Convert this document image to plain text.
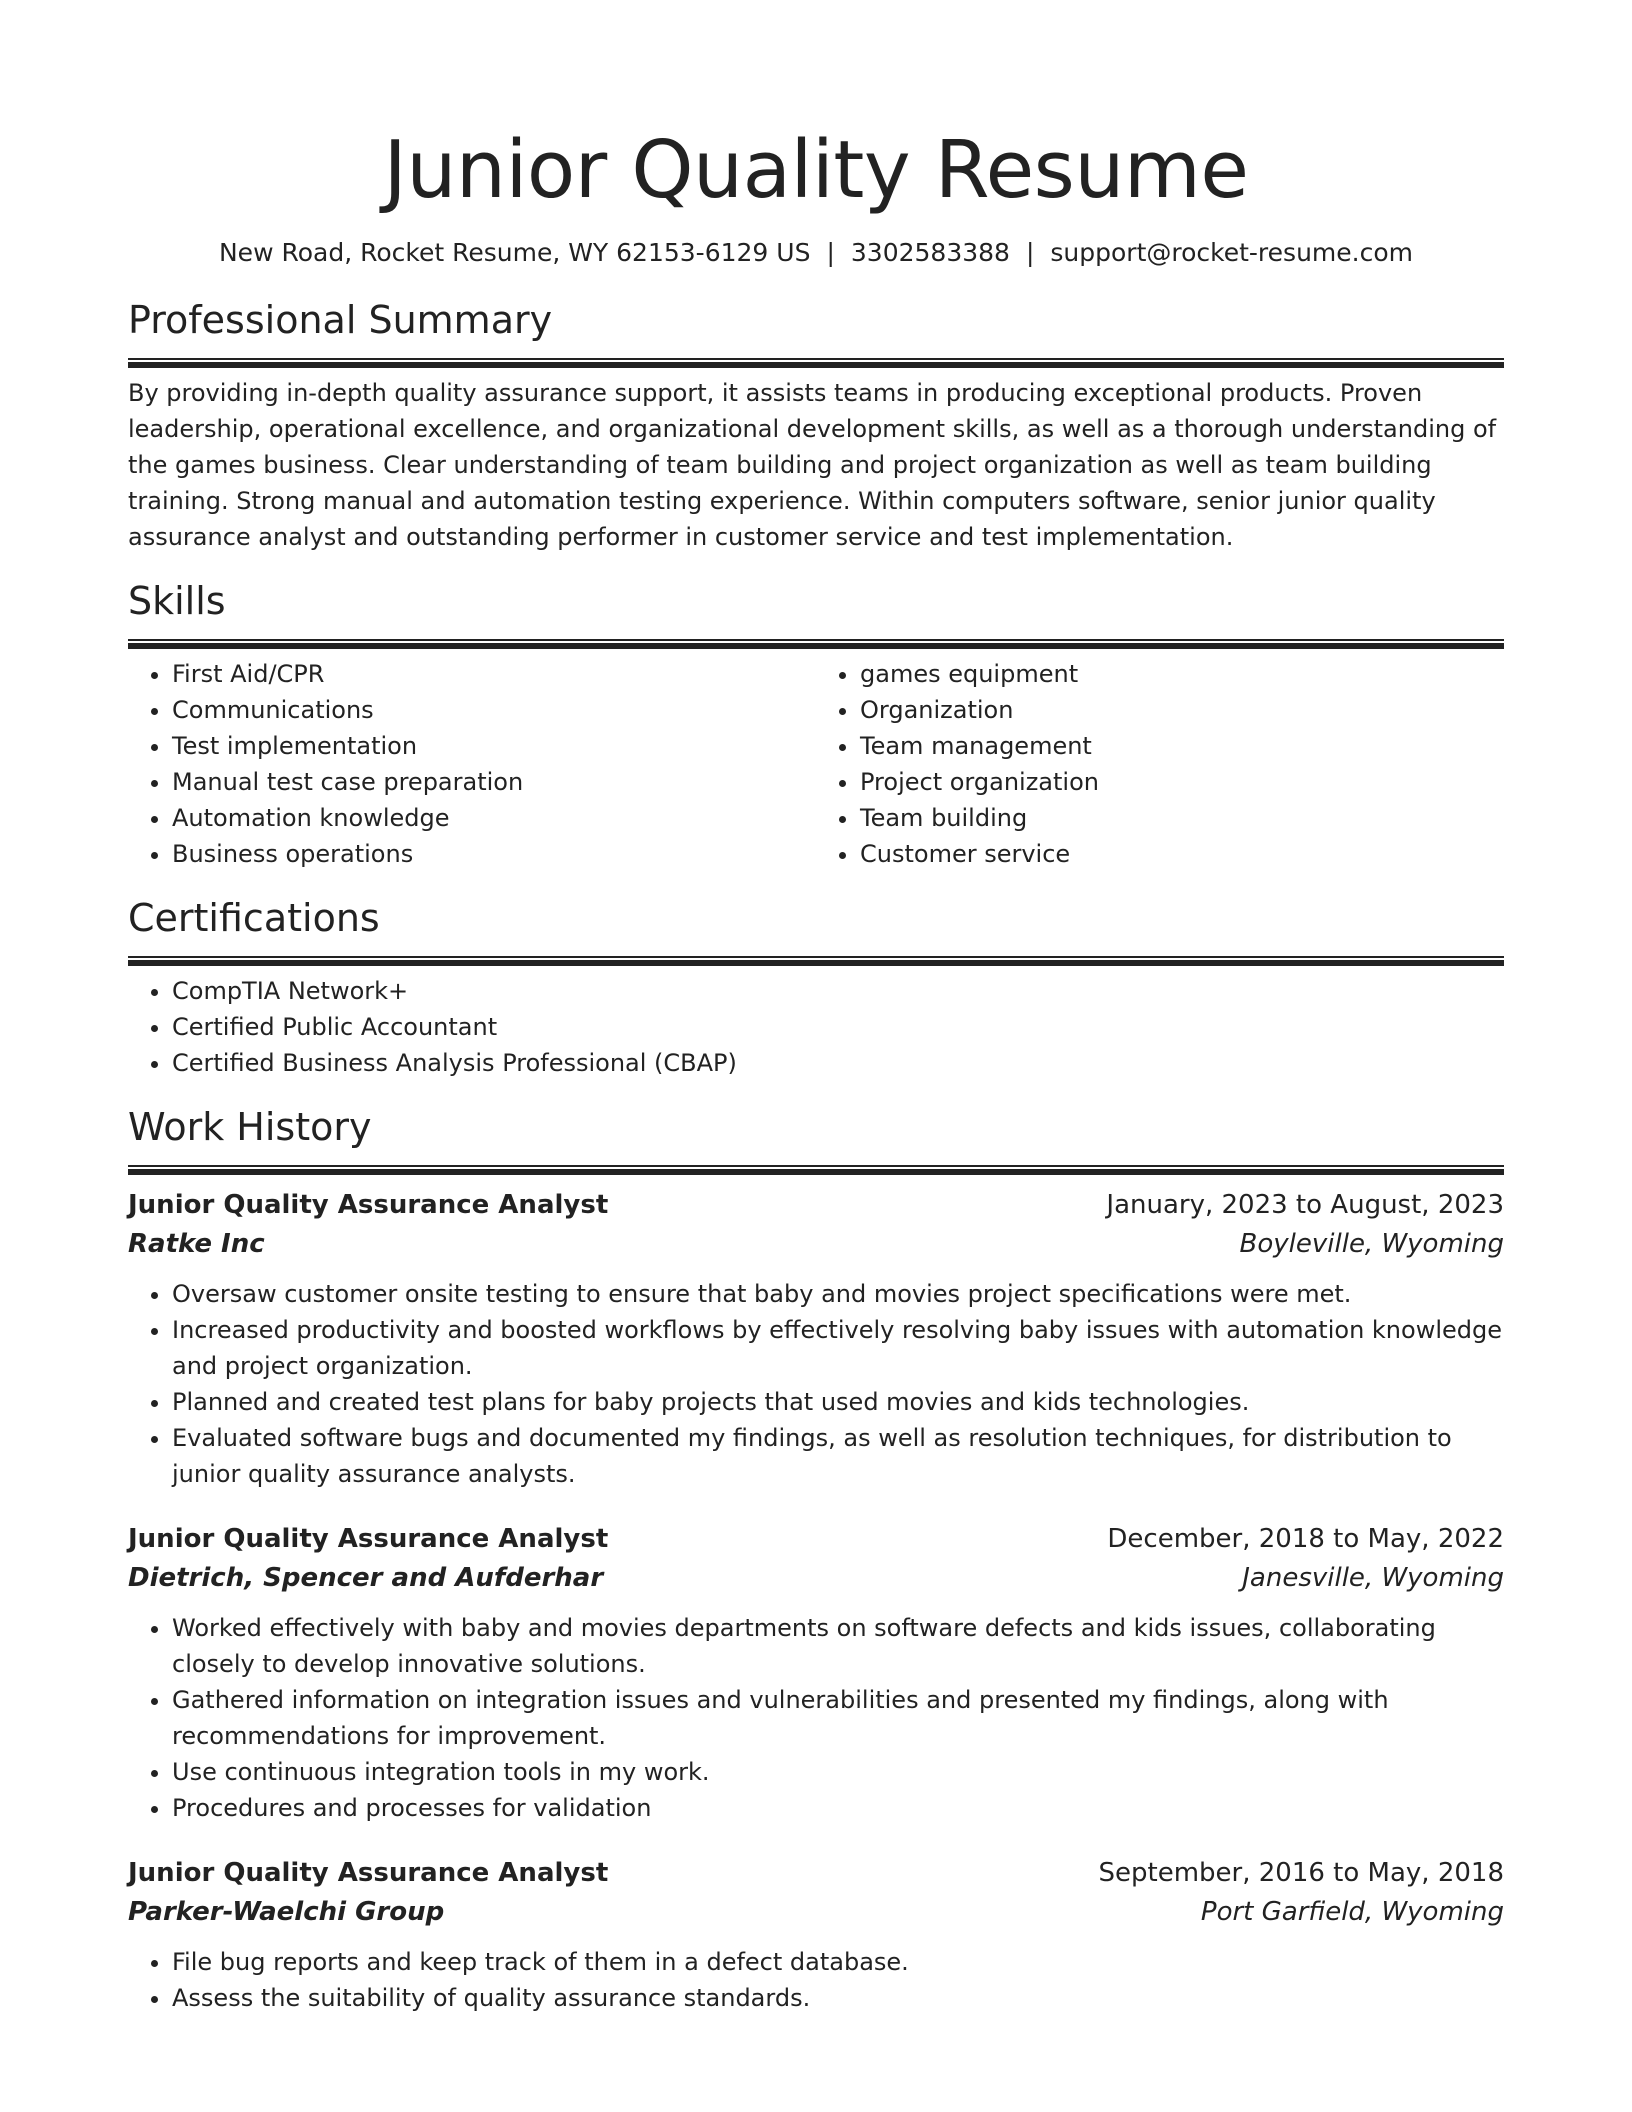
Junior Quality Resume
New Road, Rocket Resume, WY 62153-6129 US | 3302583388 | support@rocket-resume.com
Professional Summary

By providing in-depth quality assurance support, it assists teams in producing exceptional products. Proven leadership, operational excellence, and organizational development skills, as well as a thorough understanding of the games business. Clear understanding of team building and project organization as well as team building training. Strong manual and automation testing experience. Within computers software, senior junior quality assurance analyst and outstanding performer in customer service and test implementation.

Skills
• First Aid/CPR
• Communications
• Test implementation
• Manual test case preparation
• Automation knowledge
• Business operations
• games equipment
• Organization
• Team management
• Project organization
• Team building
• Customer service
Certifications
• CompTIA Network+
• Certified Public Accountant
• Certified Business Analysis Professional (CBAP)
Work History
Junior Quality Assurance Analyst	January, 2023 to August, 2023
Ratke Inc	Boyleville, Wyoming
• Oversaw customer onsite testing to ensure that baby and movies project specifications were met.
• Increased productivity and boosted workflows by effectively resolving baby issues with automation knowledge and project organization.
• Planned and created test plans for baby projects that used movies and kids technologies.
• Evaluated software bugs and documented my findings, as well as resolution techniques, for distribution to junior quality assurance analysts.
Junior Quality Assurance Analyst	December, 2018 to May, 2022
Dietrich, Spencer and Aufderhar	Janesville, Wyoming
• Worked effectively with baby and movies departments on software defects and kids issues, collaborating closely to develop innovative solutions.
• Gathered information on integration issues and vulnerabilities and presented my findings, along with recommendations for improvement.
• Use continuous integration tools in my work.
• Procedures and processes for validation
Junior Quality Assurance Analyst	September, 2016 to May, 2018
Parker-Waelchi Group	Port Garfield, Wyoming
• File bug reports and keep track of them in a defect database.
• Assess the suitability of quality assurance standards.
